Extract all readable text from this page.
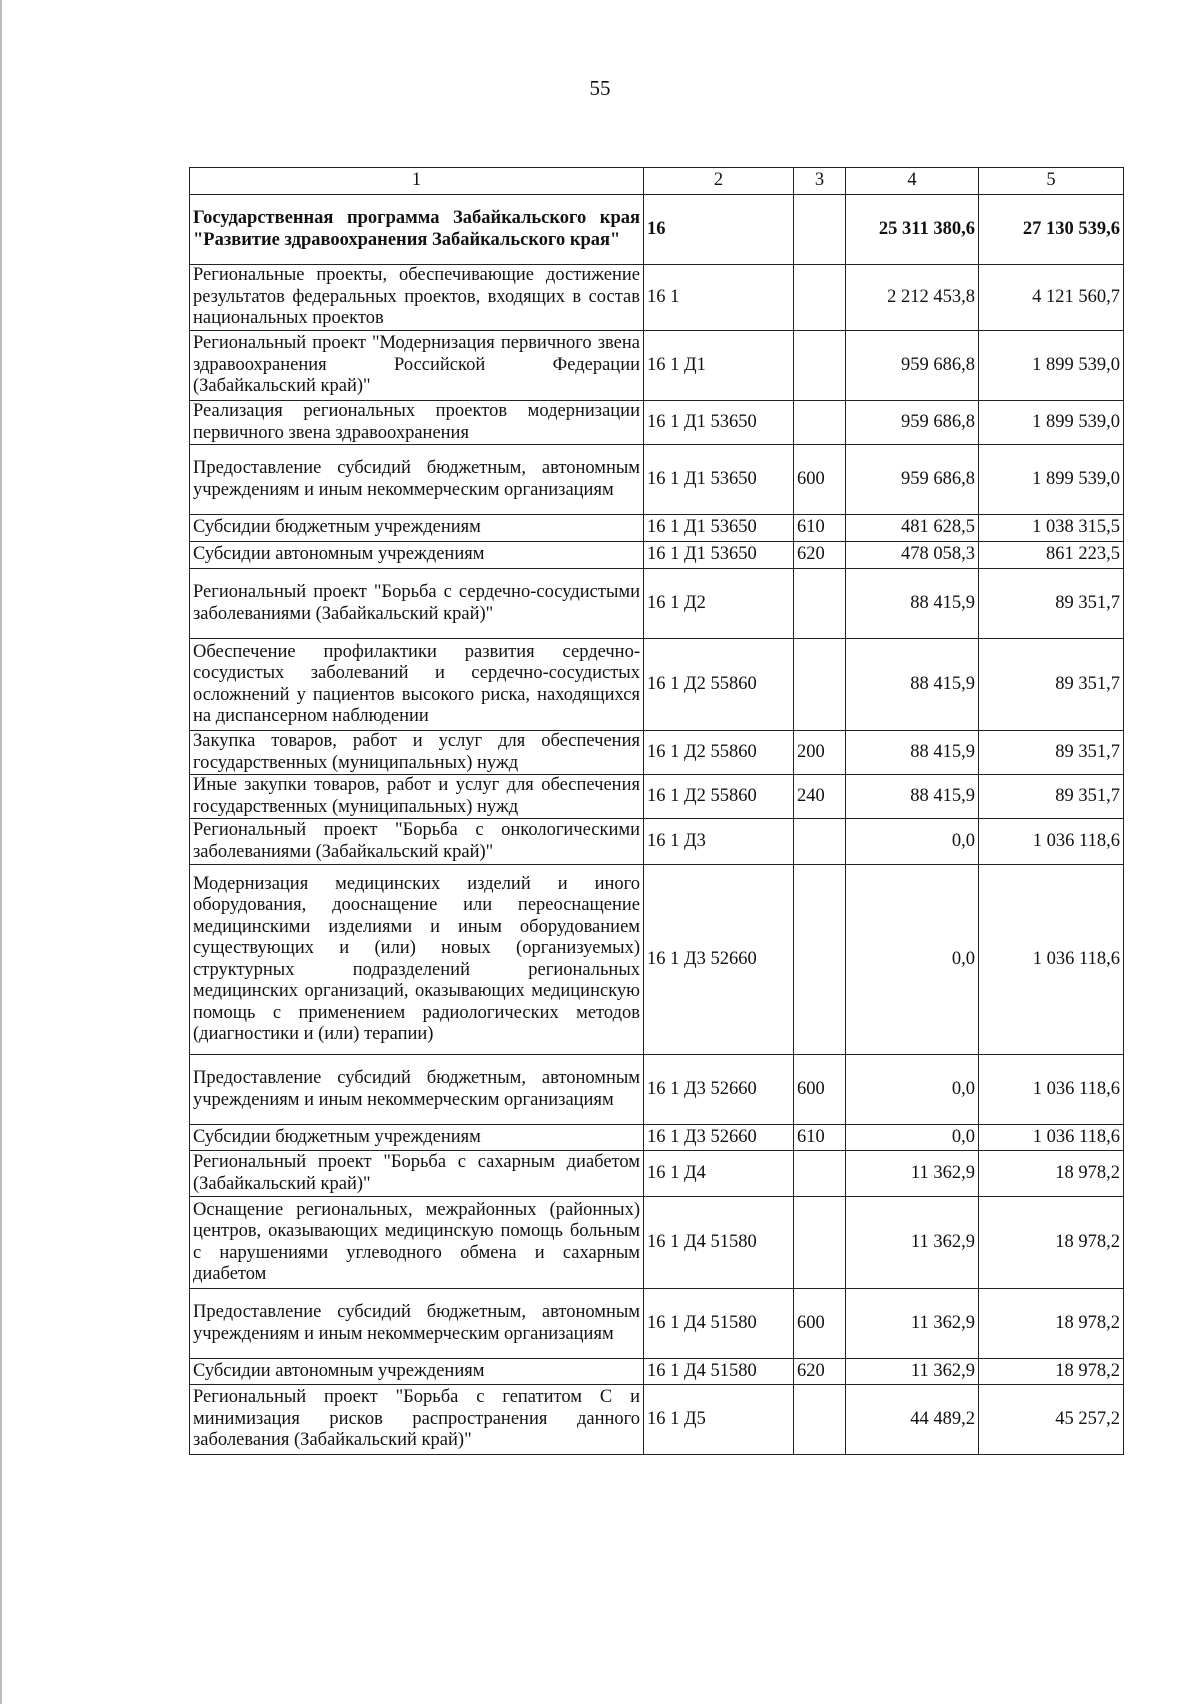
55
1	2	3	4	5
Государственная программа Забайкальского края "Развитие здравоохранения Забайкальского края"	16		25 311 380,6	27 130 539,6
Региональные проекты, обеспечивающие достижение результатов федеральных проектов, входящих в состав национальных проектов	16 1		2 212 453,8	4 121 560,7
Региональный проект "Модернизация первичного звена здравоохранения Российской Федерации (Забайкальский край)"	16 1 Д1		959 686,8	1 899 539,0
Реализация региональных проектов модернизации первичного звена здравоохранения	16 1 Д1 53650		959 686,8	1 899 539,0
Предоставление субсидий бюджетным, автономным учреждениям и иным некоммерческим организациям	16 1 Д1 53650	600	959 686,8	1 899 539,0
Субсидии бюджетным учреждениям	16 1 Д1 53650	610	481 628,5	1 038 315,5
Субсидии автономным учреждениям	16 1 Д1 53650	620	478 058,3	861 223,5
Региональный проект "Борьба с сердечно-сосудистыми заболеваниями (Забайкальский край)"	16 1 Д2		88 415,9	89 351,7
Обеспечение профилактики развития сердечно-сосудистых заболеваний и сердечно-сосудистых осложнений у пациентов высокого риска, находящихся на диспансерном наблюдении	16 1 Д2 55860		88 415,9	89 351,7
Закупка товаров, работ и услуг для обеспечения государственных (муниципальных) нужд	16 1 Д2 55860	200	88 415,9	89 351,7
Иные закупки товаров, работ и услуг для обеспечения государственных (муниципальных) нужд	16 1 Д2 55860	240	88 415,9	89 351,7
Региональный проект "Борьба с онкологическими заболеваниями (Забайкальский край)"	16 1 Д3		0,0	1 036 118,6
Модернизация медицинских изделий и иного оборудования, дооснащение или переоснащение медицинскими изделиями и иным оборудованием существующих и (или) новых (организуемых) структурных подразделений региональных медицинских организаций, оказывающих медицинскую помощь с применением радиологических методов (диагностики и (или) терапии)	16 1 Д3 52660		0,0	1 036 118,6
Предоставление субсидий бюджетным, автономным учреждениям и иным некоммерческим организациям	16 1 Д3 52660	600	0,0	1 036 118,6
Субсидии бюджетным учреждениям	16 1 Д3 52660	610	0,0	1 036 118,6
Региональный проект "Борьба с сахарным диабетом (Забайкальский край)"	16 1 Д4		11 362,9	18 978,2
Оснащение региональных, межрайонных (районных) центров, оказывающих медицинскую помощь больным с нарушениями углеводного обмена и сахарным диабетом	16 1 Д4 51580		11 362,9	18 978,2
Предоставление субсидий бюджетным, автономным учреждениям и иным некоммерческим организациям	16 1 Д4 51580	600	11 362,9	18 978,2
Субсидии автономным учреждениям	16 1 Д4 51580	620	11 362,9	18 978,2
Региональный проект "Борьба с гепатитом С и минимизация рисков распространения данного заболевания (Забайкальский край)"	16 1 Д5		44 489,2	45 257,2
